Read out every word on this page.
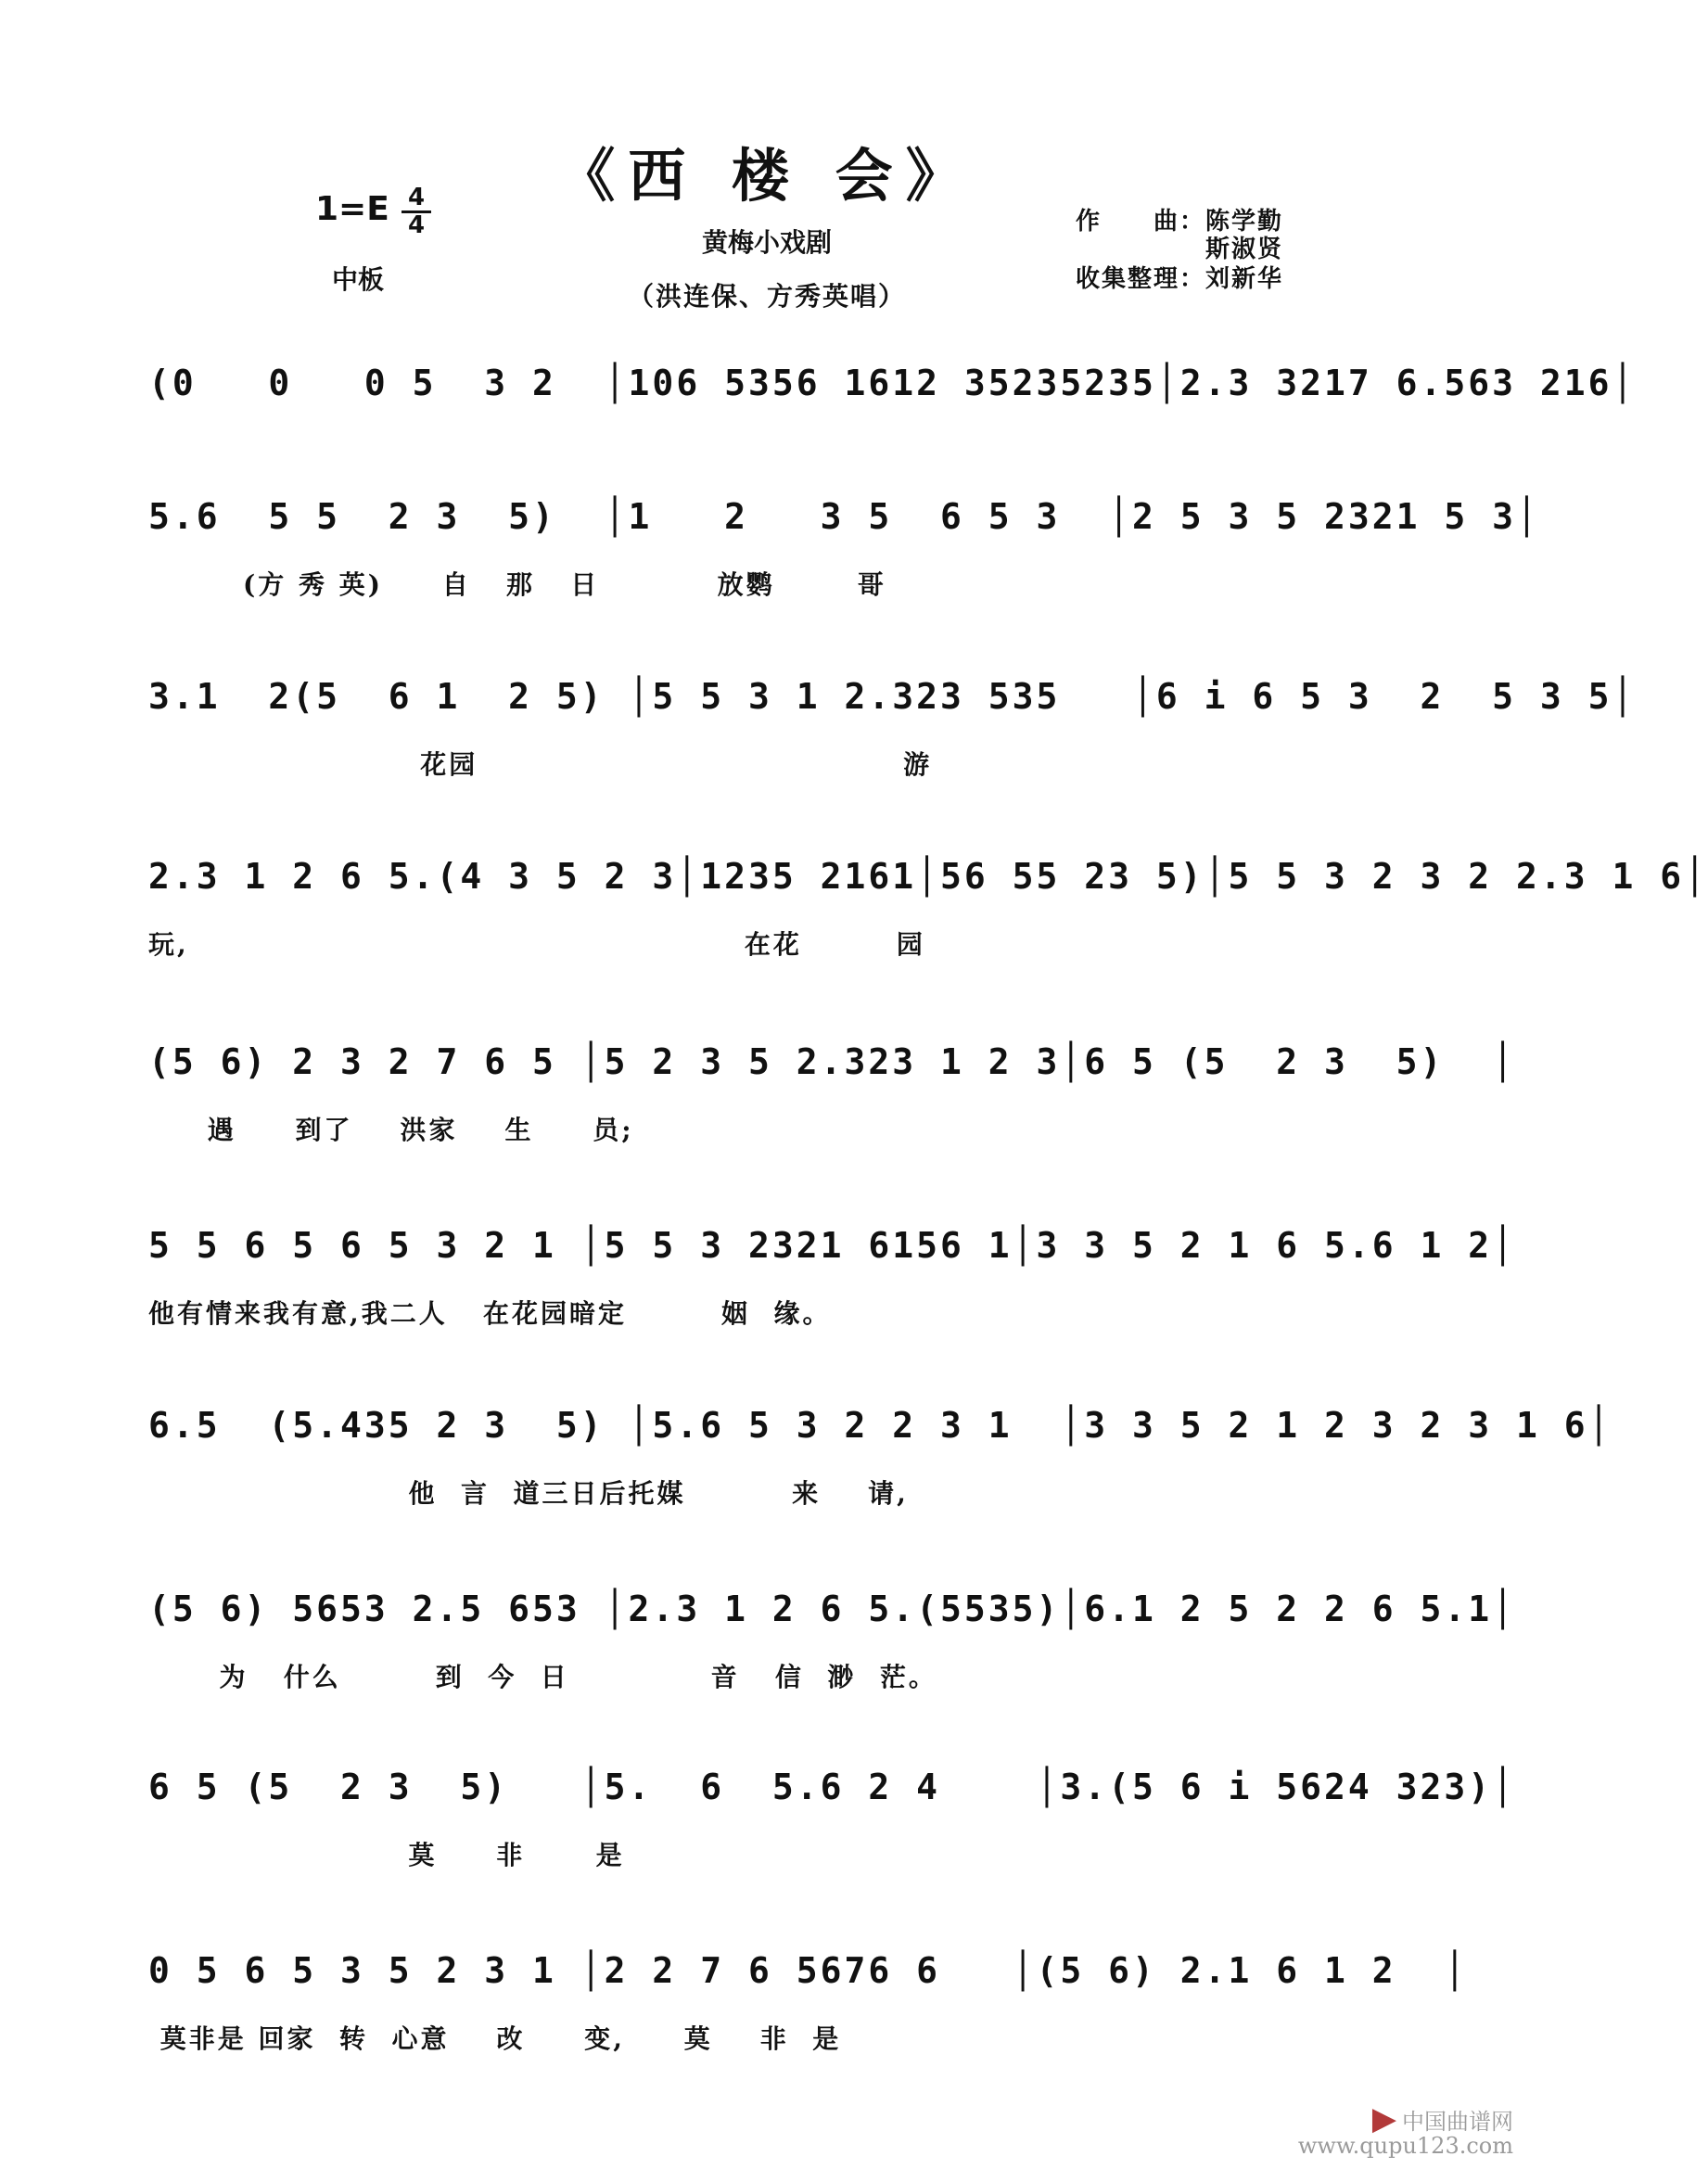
《西 楼 会》
$1=E \frac{4}{4}$
中板
黄梅小戏剧
（洪连保、方秀英唱）
作　　曲： 陈学勤
斯淑贤
收集整理： 刘新华
(0   0   0 5  3 2  │106 5356 1612 35235235│2.3 3217 6.563 216│
5.6  5 5  2 3  5)  │1   2   3 5  6 5 3  │2 5 3 5 2321 5 3│
(方 秀 英)     自   那   日          放鹦       哥
3.1  2(5  6 1  2 5) │5 5 3 1 2.323 535   │6 i 6 5 3  2  5 3 5│
花园                                    游
2.3 1 2 6 5.(4 3 5 2 3│1235 2161│56 55 23 5)│5 5 3 2 3 2 2.3 1 6│
玩,                                               在花        园
(5 6) 2 3 2 7 6 5 │5 2 3 5 2.323 1 2 3│6 5 (5  2 3  5)  │
遇     到了    洪家    生     员;
5 5 6 5 6 5 3 2 1 │5 5 3 2321 6156 1│3 3 5 2 1 6 5.6 1 2│
他有情来我有意,我二人   在花园暗定        姻  缘。
6.5  (5.435 2 3  5) │5.6 5 3 2 2 3 1  │3 3 5 2 1 2 3 2 3 1 6│
他  言  道三日后托媒         来    请,
(5 6) 5653 2.5 653 │2.3 1 2 6 5.(5535)│6.1 2 5 2 2 6 5.1│
为   什么        到  今  日            音   信  渺  茫。
6 5 (5  2 3  5)   │5.  6  5.6 2 4    │3.(5 6 i 5624 323)│
莫     非      是
0 5 6 5 3 5 2 3 1 │2 2 7 6 5676 6   │(5 6) 2.1 6 1 2  │
莫非是 回家  转  心意    改     变,     莫    非  是
▶ 中国曲谱网
www.qupu123.com
